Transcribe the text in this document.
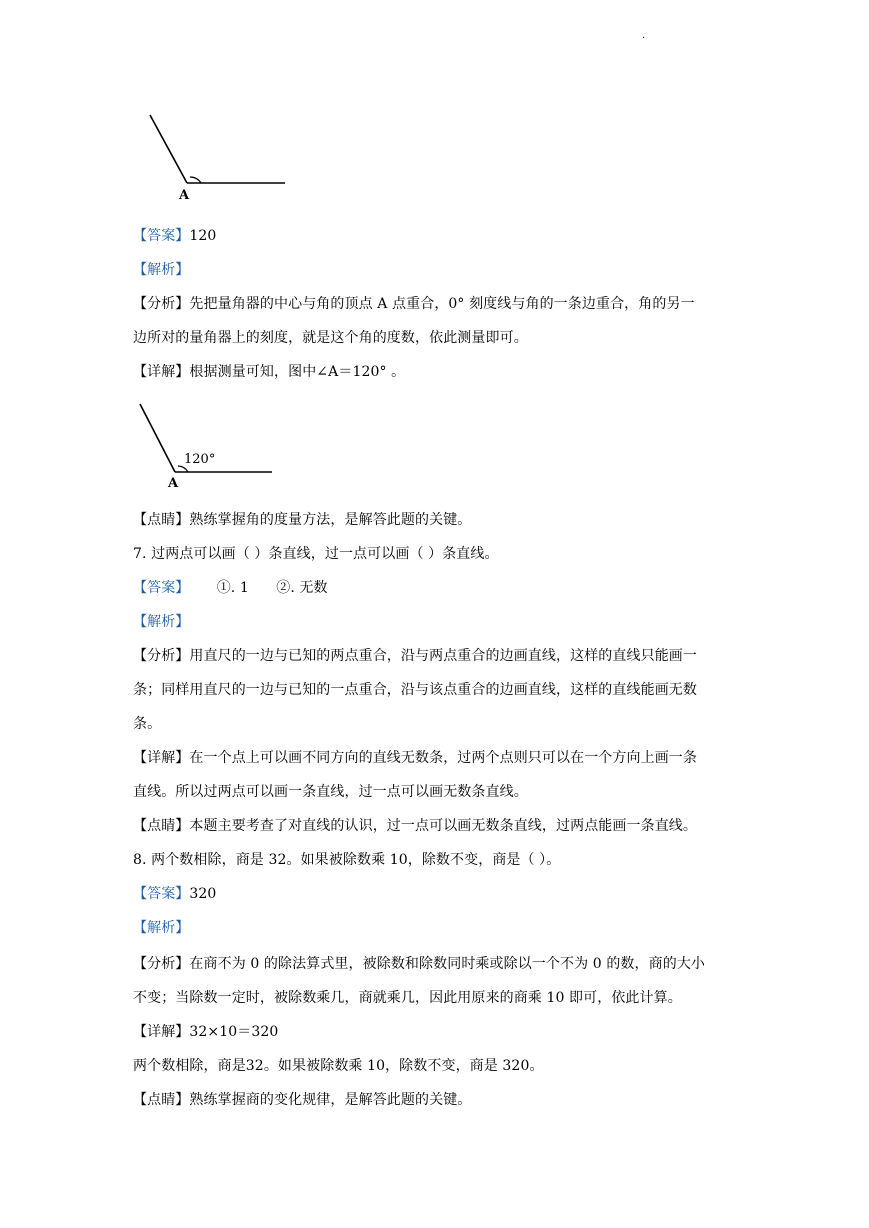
.
A
【答案】120
【解析】
【分析】先把量角器的中心与角的顶点 A 点重合，0° 刻度线与角的一条边重合，角的另一
边所对的量角器上的刻度，就是这个角的度数，依此测量即可。
【详解】根据测量可知，图中∠A＝120° 。
120°
A
【点睛】熟练掌握角的度量方法，是解答此题的关键。
7. 过两点可以画（ ）条直线，过一点可以画（ ）条直线。
【答案】      ①. 1      ②. 无数
【解析】
【分析】用直尺的一边与已知的两点重合，沿与两点重合的边画直线，这样的直线只能画一
条；同样用直尺的一边与已知的一点重合，沿与该点重合的边画直线，这样的直线能画无数
条。
【详解】在一个点上可以画不同方向的直线无数条，过两个点则只可以在一个方向上画一条
直线。所以过两点可以画一条直线，过一点可以画无数条直线。
【点睛】本题主要考查了对直线的认识，过一点可以画无数条直线，过两点能画一条直线。
8. 两个数相除，商是 32。如果被除数乘 10，除数不变，商是（ ）。
【答案】320
【解析】
【分析】在商不为 0 的除法算式里，被除数和除数同时乘或除以一个不为 0 的数，商的大小
不变；当除数一定时，被除数乘几，商就乘几，因此用原来的商乘 10 即可，依此计算。
【详解】32×10＝320
两个数相除，商是32。如果被除数乘 10，除数不变，商是 320。
【点睛】熟练掌握商的变化规律，是解答此题的关键。
